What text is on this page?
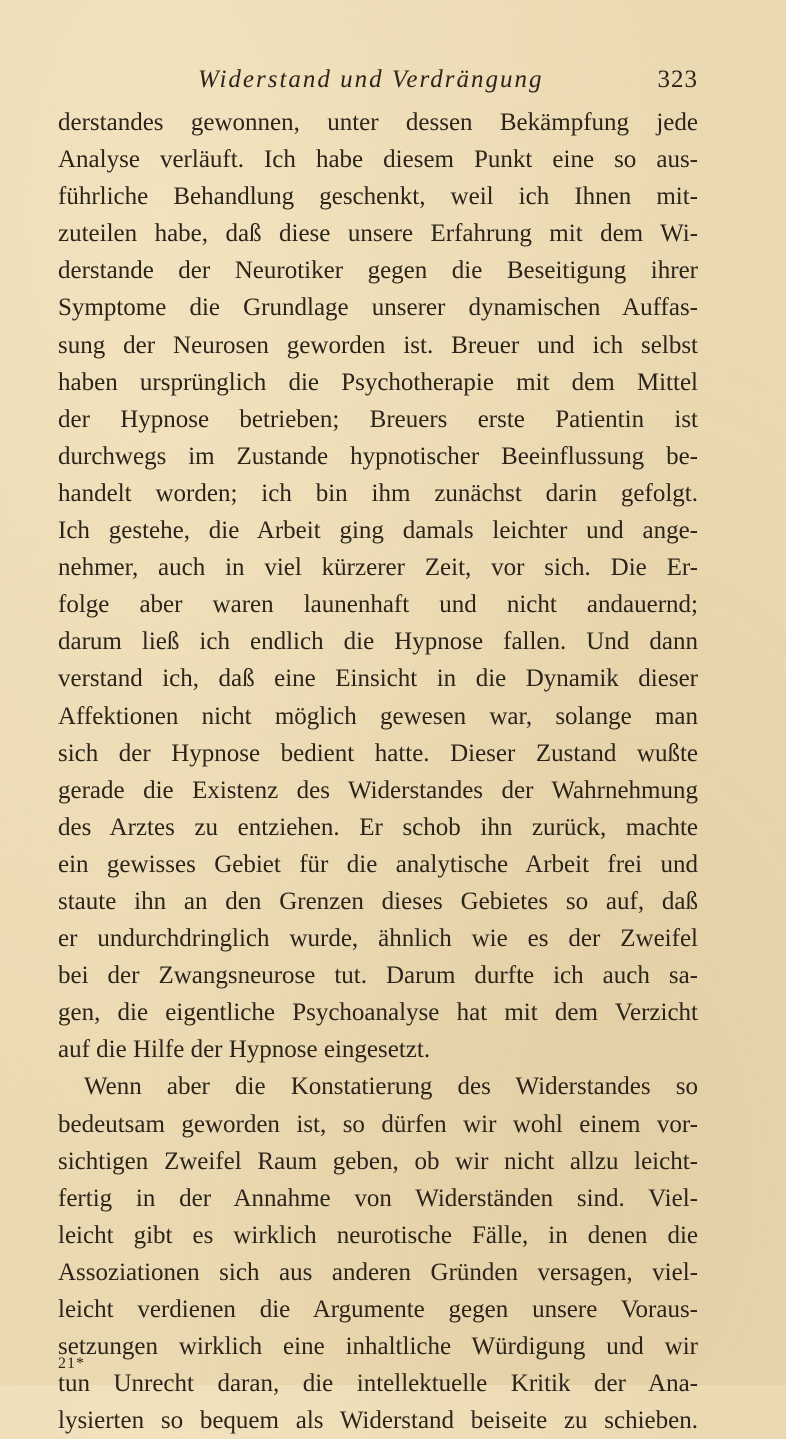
Widerstand und Verdrängung	323
derstandes gewonnen, unter dessen Bekämpfung jede
Analyse verläuft. Ich habe diesem Punkt eine so aus-
führliche Behandlung geschenkt, weil ich Ihnen mit-
zuteilen habe, daß diese unsere Erfahrung mit dem Wi-
derstande der Neurotiker gegen die Beseitigung ihrer
Symptome die Grundlage unserer dynamischen Auffas-
sung der Neurosen geworden ist. Breuer und ich selbst
haben ursprünglich die Psychotherapie mit dem Mittel
der Hypnose betrieben; Breuers erste Patientin ist
durchwegs im Zustande hypnotischer Beeinflussung be-
handelt worden; ich bin ihm zunächst darin gefolgt.
Ich gestehe, die Arbeit ging damals leichter und ange-
nehmer, auch in viel kürzerer Zeit, vor sich. Die Er-
folge aber waren launenhaft und nicht andauernd;
darum ließ ich endlich die Hypnose fallen. Und dann
verstand ich, daß eine Einsicht in die Dynamik dieser
Affektionen nicht möglich gewesen war, solange man
sich der Hypnose bedient hatte. Dieser Zustand wußte
gerade die Existenz des Widerstandes der Wahrnehmung
des Arztes zu entziehen. Er schob ihn zurück, machte
ein gewisses Gebiet für die analytische Arbeit frei und
staute ihn an den Grenzen dieses Gebietes so auf, daß
er undurchdringlich wurde, ähnlich wie es der Zweifel
bei der Zwangsneurose tut. Darum durfte ich auch sa-
gen, die eigentliche Psychoanalyse hat mit dem Verzicht
auf die Hilfe der Hypnose eingesetzt.
Wenn aber die Konstatierung des Widerstandes so
bedeutsam geworden ist, so dürfen wir wohl einem vor-
sichtigen Zweifel Raum geben, ob wir nicht allzu leicht-
fertig in der Annahme von Widerständen sind. Viel-
leicht gibt es wirklich neurotische Fälle, in denen die
Assoziationen sich aus anderen Gründen versagen, viel-
leicht verdienen die Argumente gegen unsere Voraus-
setzungen wirklich eine inhaltliche Würdigung und wir
tun Unrecht daran, die intellektuelle Kritik der Ana-
lysierten so bequem als Widerstand beiseite zu schieben.
21*
